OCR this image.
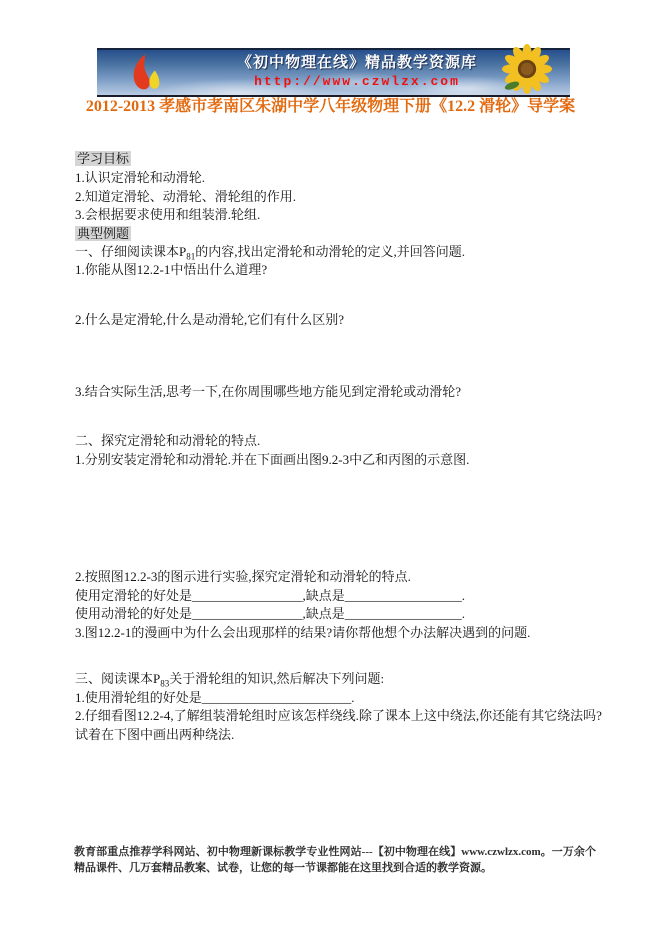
《初中物理在线》精品教学资源库
http://www.czwlzx.com
2012-2013 孝感市孝南区朱湖中学八年级物理下册《12.2 滑轮》导学案
学习目标
1.认识定滑轮和动滑轮.
2.知道定滑轮、动滑轮、滑轮组的作用.
3.会根据要求使用和组装滑.轮组.
典型例题
一、仔细阅读课本$P_{81}$的内容,找出定滑轮和动滑轮的定义,并回答问题.
1.你能从图12.2-1中悟出什么道理?
2.什么是定滑轮,什么是动滑轮,它们有什么区别?
3.结合实际生活,思考一下,在你周围哪些地方能见到定滑轮或动滑轮?
二、探究定滑轮和动滑轮的特点.
1.分别安装定滑轮和动滑轮.并在下面画出图9.2-3中乙和丙图的示意图.
2.按照图12.2-3的图示进行实验,探究定滑轮和动滑轮的特点.
使用定滑轮的好处是_________________,缺点是__________________.
使用动滑轮的好处是_________________,缺点是__________________.
3.图12.2-1的漫画中为什么会出现那样的结果?请你帮他想个办法解决遇到的问题.
三、阅读课本$P_{83}$关于滑轮组的知识,然后解决下列问题:
1.使用滑轮组的好处是_______________________.
2.仔细看图12.2-4,了解组装滑轮组时应该怎样绕线.除了课本上这中绕法,你还能有其它绕法吗?
试着在下图中画出两种绕法.
教育部重点推荐学科网站、初中物理新课标教学专业性网站---【初中物理在线】www.czwlzx.com。一万余个精品课件、几万套精品教案、试卷，让您的每一节课都能在这里找到合适的教学资源。
